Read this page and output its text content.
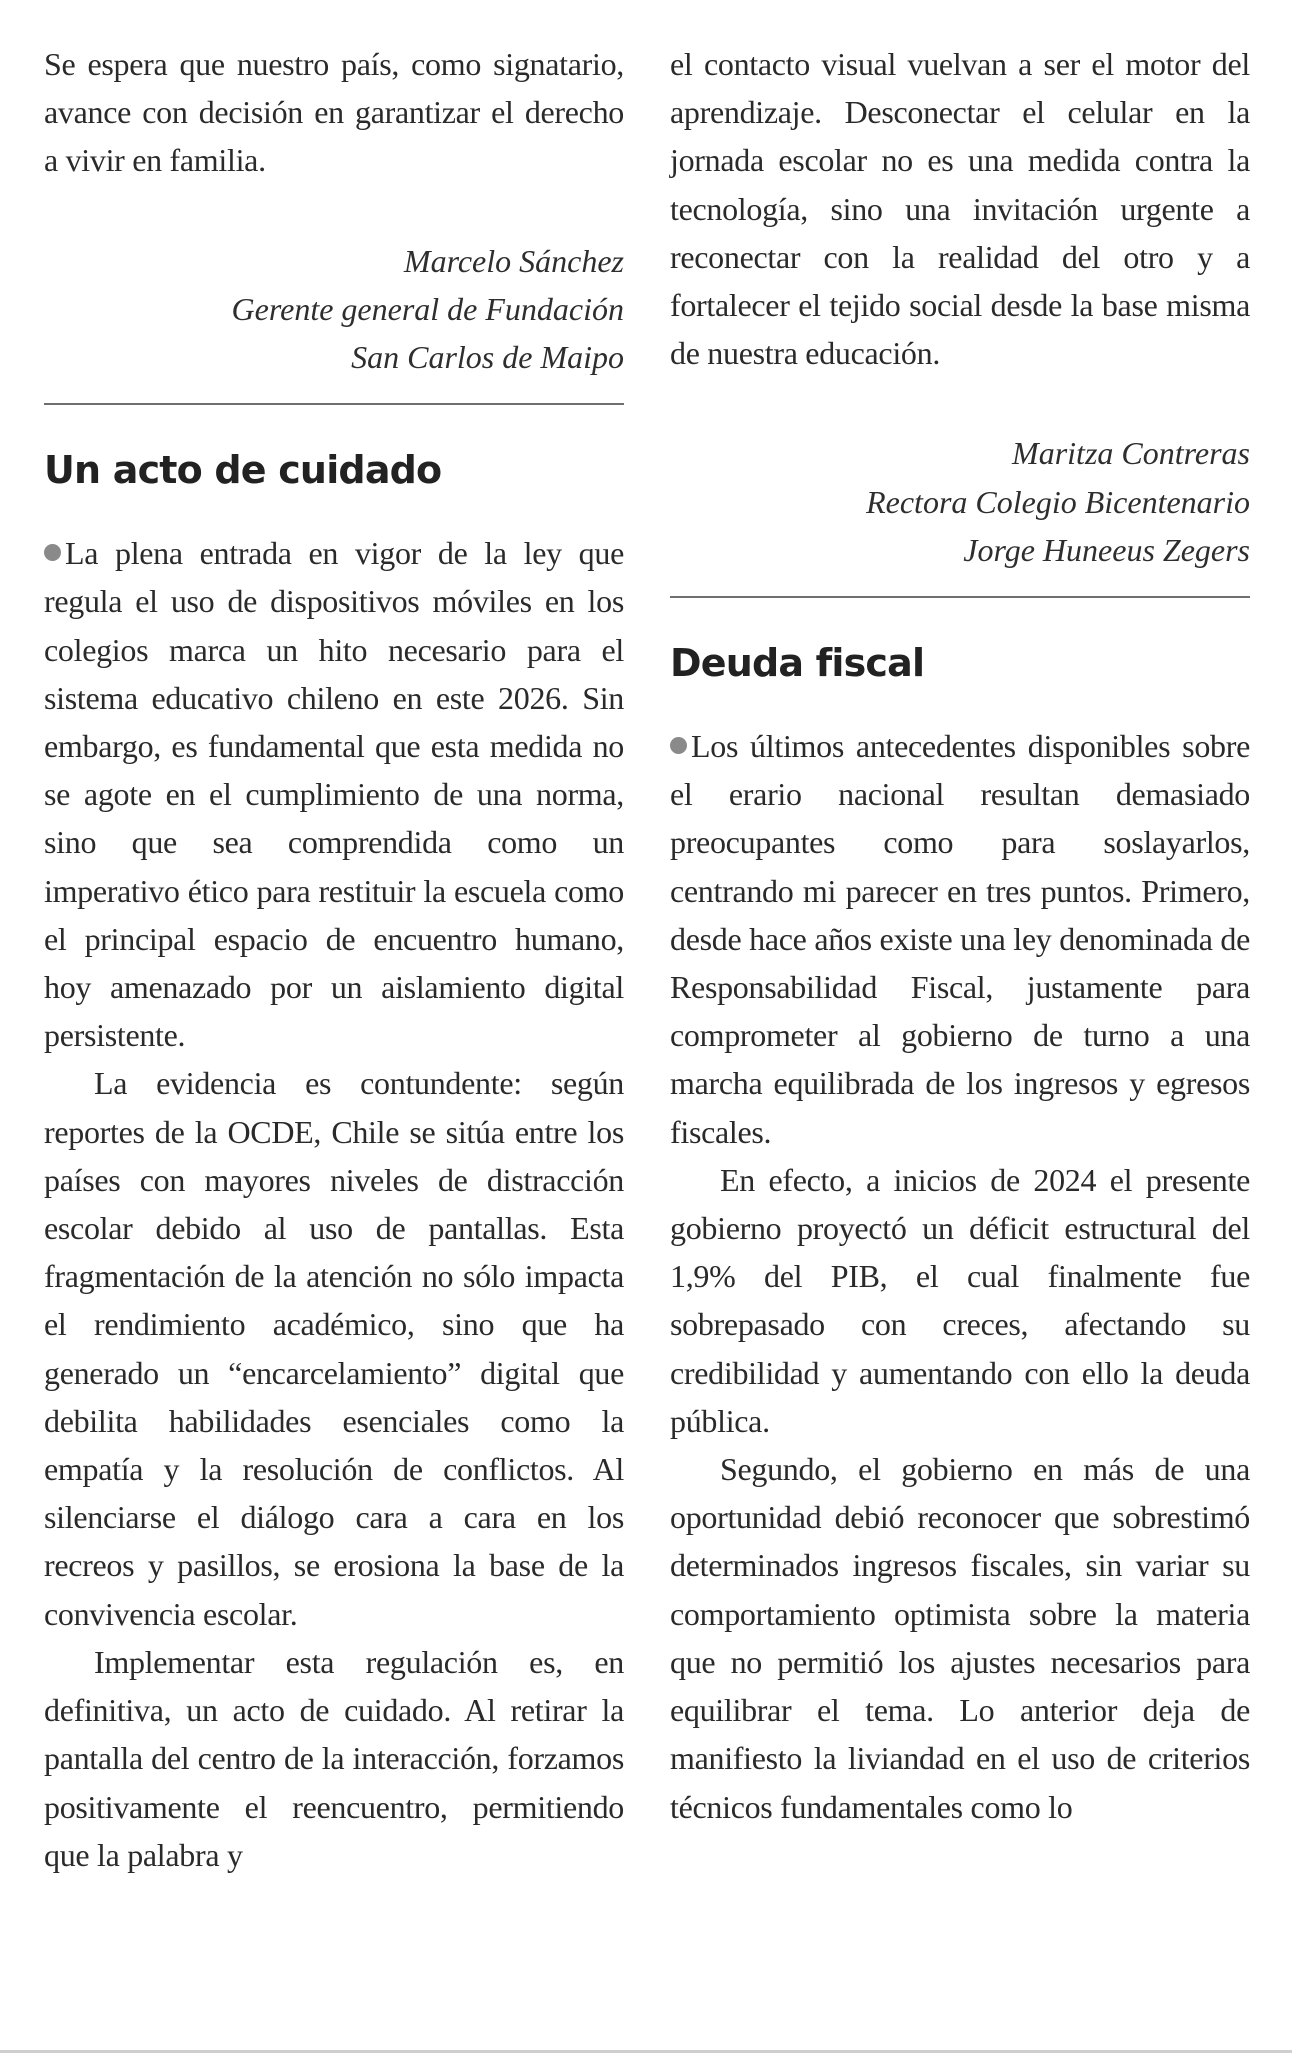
Se espera que nuestro país, como signatario, avance con decisión en garantizar el derecho a vivir en familia.

Marcelo Sánchez

Gerente general de Fundación

San Carlos de Maipo

Un acto de cuidado

La plena entrada en vigor de la ley que regula el uso de dispositivos móviles en los colegios marca un hito necesario para el sistema educativo chileno en este 2026. Sin embargo, es fundamental que esta medida no se agote en el cumplimiento de una norma, sino que sea comprendida como un imperativo ético para restituir la escuela como el principal espacio de encuentro humano, hoy amenazado por un aislamiento digital persistente.

La evidencia es contundente: según reportes de la OCDE, Chile se sitúa entre los países con mayores niveles de distracción escolar debido al uso de pantallas. Esta fragmentación de la atención no sólo impacta el rendimiento académico, sino que ha generado un “encarcelamiento” digital que debilita habilidades esenciales como la empatía y la resolución de conflictos. Al silenciarse el diálogo cara a cara en los recreos y pasillos, se erosiona la base de la convivencia escolar.

Implementar esta regulación es, en definitiva, un acto de cuidado. Al retirar la pantalla del centro de la interacción, forzamos positivamente el reencuentro, permitiendo que la palabra y

el contacto visual vuelvan a ser el motor del aprendizaje. Desconectar el celular en la jornada escolar no es una medida contra la tecnología, sino una invitación urgente a reconectar con la realidad del otro y a fortalecer el tejido social desde la base misma de nuestra educación.

Maritza Contreras

Rectora Colegio Bicentenario

Jorge Huneeus Zegers

Deuda fiscal

Los últimos antecedentes disponibles sobre el erario nacional resultan demasiado preocupantes como para soslayarlos, centrando mi parecer en tres puntos. Primero, desde hace años existe una ley denominada de Responsabilidad Fiscal, justamente para comprometer al gobierno de turno a una marcha equilibrada de los ingresos y egresos fiscales.

En efecto, a inicios de 2024 el presente gobierno proyectó un déficit estructural del 1,9% del PIB, el cual finalmente fue sobrepasado con creces, afectando su credibilidad y aumentando con ello la deuda pública.

Segundo, el gobierno en más de una oportunidad debió reconocer que sobrestimó determinados ingresos fiscales, sin variar su comportamiento optimista sobre la materia que no permitió los ajustes necesarios para equilibrar el tema. Lo anterior deja de manifiesto la liviandad en el uso de criterios técnicos fundamentales como lo
